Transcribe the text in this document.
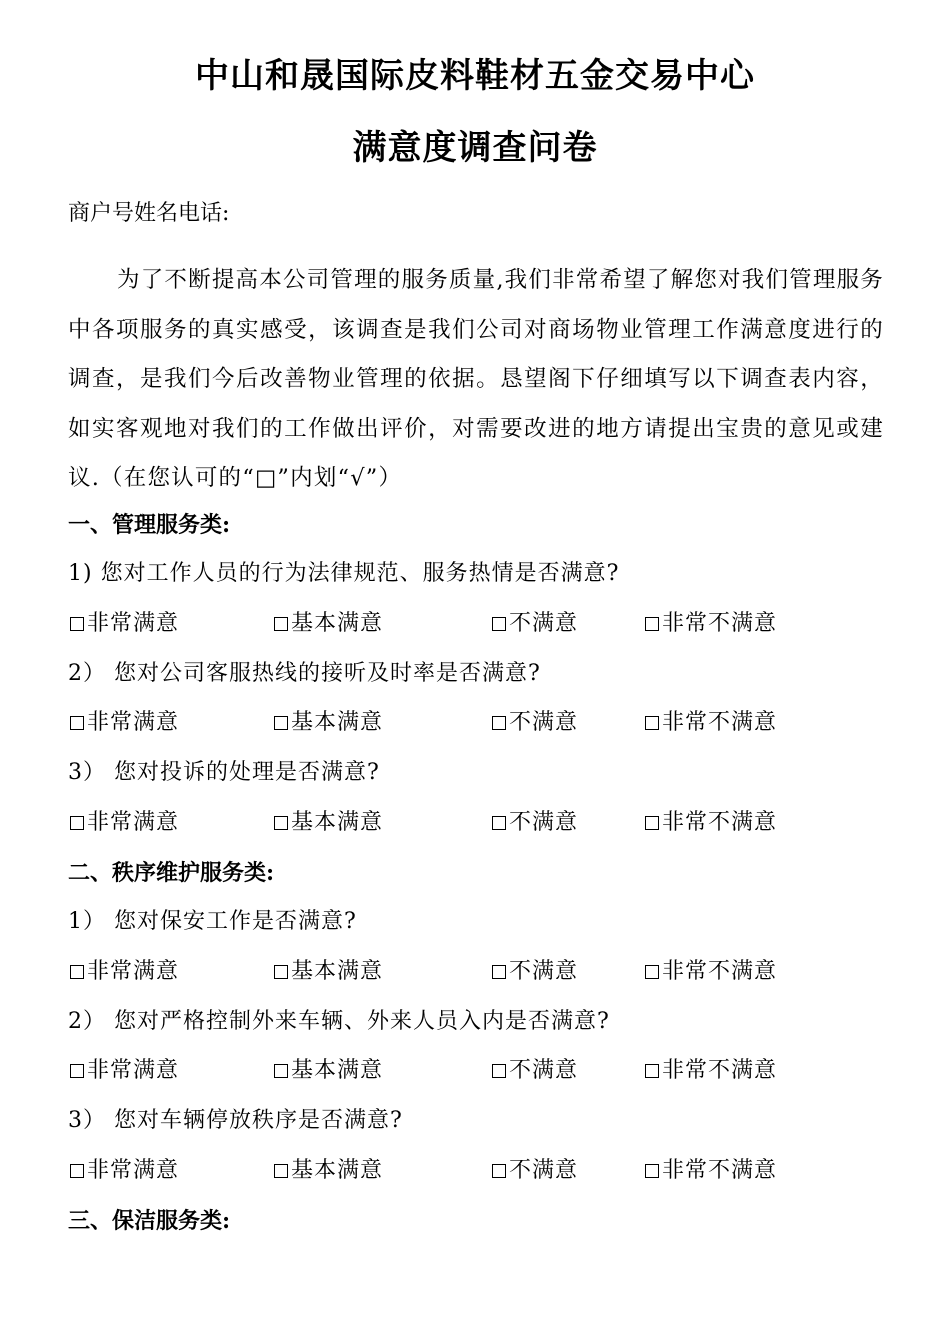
中山和晟国际皮料鞋材五金交易中心
满意度调查问卷
商户号姓名电话:
为了不断提高本公司管理的服务质量,我们非常希望了解您对我们管理服务中各项服务的真实感受，该调查是我们公司对商场物业管理工作满意度进行的调查，是我们今后改善物业管理的依据。恳望阁下仔细填写以下调查表内容，如实客观地对我们的工作做出评价，对需要改进的地方请提出宝贵的意见或建议.（在您认可的“□”内划“√”）
一、管理服务类:
1) 您对工作人员的行为法律规范、服务热情是否满意?
非常满意	基本满意	不满意	非常不满意
2） 您对公司客服热线的接听及时率是否满意?
非常满意	基本满意	不满意	非常不满意
3） 您对投诉的处理是否满意?
非常满意	基本满意	不满意	非常不满意
二、秩序维护服务类:
1） 您对保安工作是否满意?
非常满意	基本满意	不满意	非常不满意
2） 您对严格控制外来车辆、外来人员入内是否满意?
非常满意	基本满意	不满意	非常不满意
3） 您对车辆停放秩序是否满意?
非常满意	基本满意	不满意	非常不满意
三、保洁服务类:
